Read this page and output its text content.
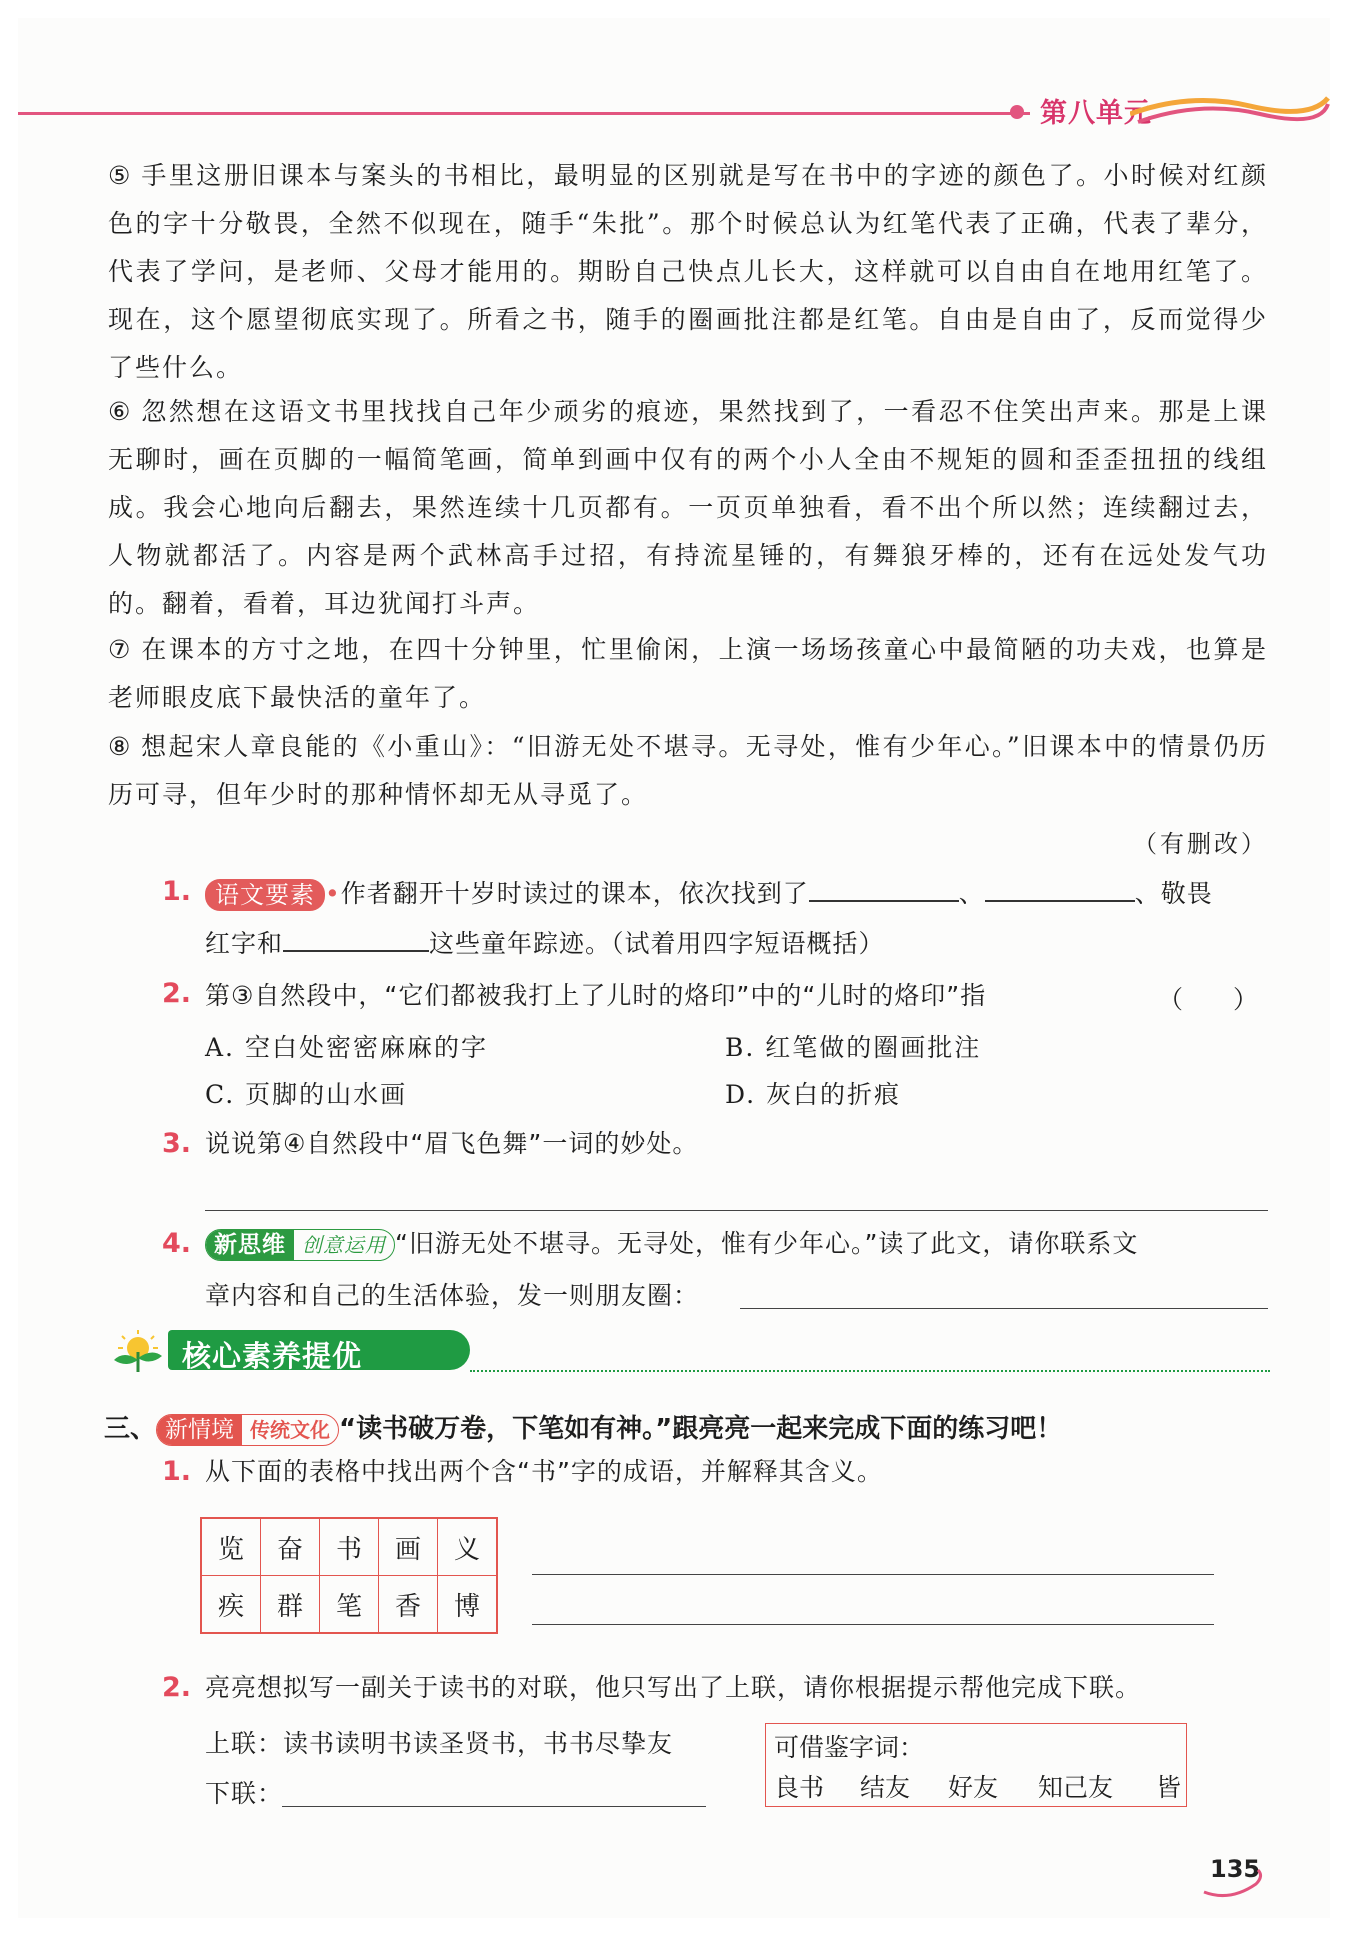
第八单元

⑤ 手里这册旧课本与案头的书相比，最明显的区别就是写在书中的字迹的颜色了。小时候对红颜色的字十分敬畏，全然不似现在，随手“朱批”。那个时候总认为红笔代表了正确，代表了辈分，代表了学问，是老师、父母才能用的。期盼自己快点儿长大，这样就可以自由自在地用红笔了。现在，这个愿望彻底实现了。所看之书，随手的圈画批注都是红笔。自由是自由了，反而觉得少了些什么。

⑥ 忽然想在这语文书里找找自己年少顽劣的痕迹，果然找到了，一看忍不住笑出声来。那是上课无聊时，画在页脚的一幅简笔画，简单到画中仅有的两个小人全由不规矩的圆和歪歪扭扭的线组成。我会心地向后翻去，果然连续十几页都有。一页页单独看，看不出个所以然；连续翻过去，人物就都活了。内容是两个武林高手过招，有持流星锤的，有舞狼牙棒的，还有在远处发气功的。翻着，看着，耳边犹闻打斗声。

⑦ 在课本的方寸之地，在四十分钟里，忙里偷闲，上演一场场孩童心中最简陋的功夫戏，也算是老师眼皮底下最快活的童年了。

⑧ 想起宋人章良能的《小重山》：“旧游无处不堪寻。无寻处，惟有少年心。”旧课本中的情景仍历历可寻，但年少时的那种情怀却无从寻觅了。

（有删改）
1. 语文要素 •作者翻开十岁时读过的课本，依次找到了	、	、敬畏
红字和	这些童年踪迹。（试着用四字短语概括）
2. 第③自然段中，“它们都被我打上了儿时的烙印”中的“儿时的烙印”指	（　　）
A. 空白处密密麻麻的字	B. 红笔做的圈画批注
C. 页脚的山水画	D. 灰白的折痕
3. 说说第④自然段中“眉飞色舞”一词的妙处。
4. 新思维 创意运用 “旧游无处不堪寻。无寻处，惟有少年心。”读了此文，请你联系文
章内容和自己的生活体验，发一则朋友圈：
核心素养提优
三、 新情境 传统文化 “读书破万卷，下笔如有神。”跟亮亮一起来完成下面的练习吧！
1. 从下面的表格中找出两个含“书”字的成语，并解释其含义。
览	奋	书	画	义
疾	群	笔	香	博
2. 亮亮想拟写一副关于读书的对联，他只写出了上联，请你根据提示帮他完成下联。
上联：读书读明书读圣贤书，书书尽挚友
下联：
可借鉴字词：
良书 结友 好友 知己友 皆
135
